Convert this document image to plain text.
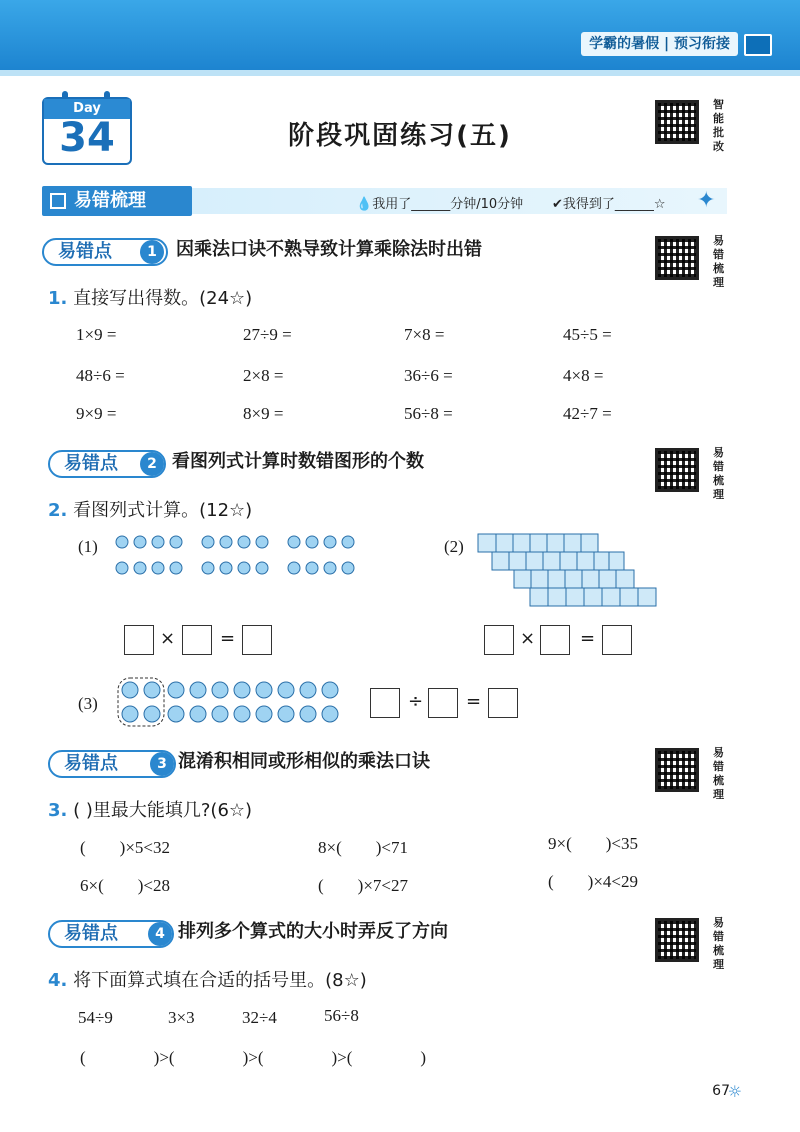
学霸的暑假 | 预习衔接
Day
34	阶段巩固练习(五)
智能批改
易错梳理	💧我用了______分钟/10分钟 ✔我得到了______☆ ✦
易错点	1	因乘法口诀不熟导致计算乘除法时出错	易错梳理
1. 直接写出得数。(24☆)
1×9 =	27÷9 =	7×8 =	45÷5 =
48÷6 =	2×8 =	36÷6 =	4×8 =
9×9 =	8×9 =	56÷8 =	42÷7 =
易错点	2 看图列式计算时数错图形的个数	易错梳理
2. 看图列式计算。(12☆)
(1)	(2)
× =	× =
(3)	÷ =
易错点	3 混淆积相同或形相似的乘法口诀	易错梳理
3. ( )里最大能填几?(6☆)
(        )×5<32	8×(        )<71	9×(        )<35
6×(        )<28	(        )×7<27	(        )×4<29
易错点	4 排列多个算式的大小时弄反了方向	易错梳理
4. 将下面算式填在合适的括号里。(8☆)
54÷9	3×3	32÷4	56÷8
(                )>(                )>(                )>(                )
67
☼
